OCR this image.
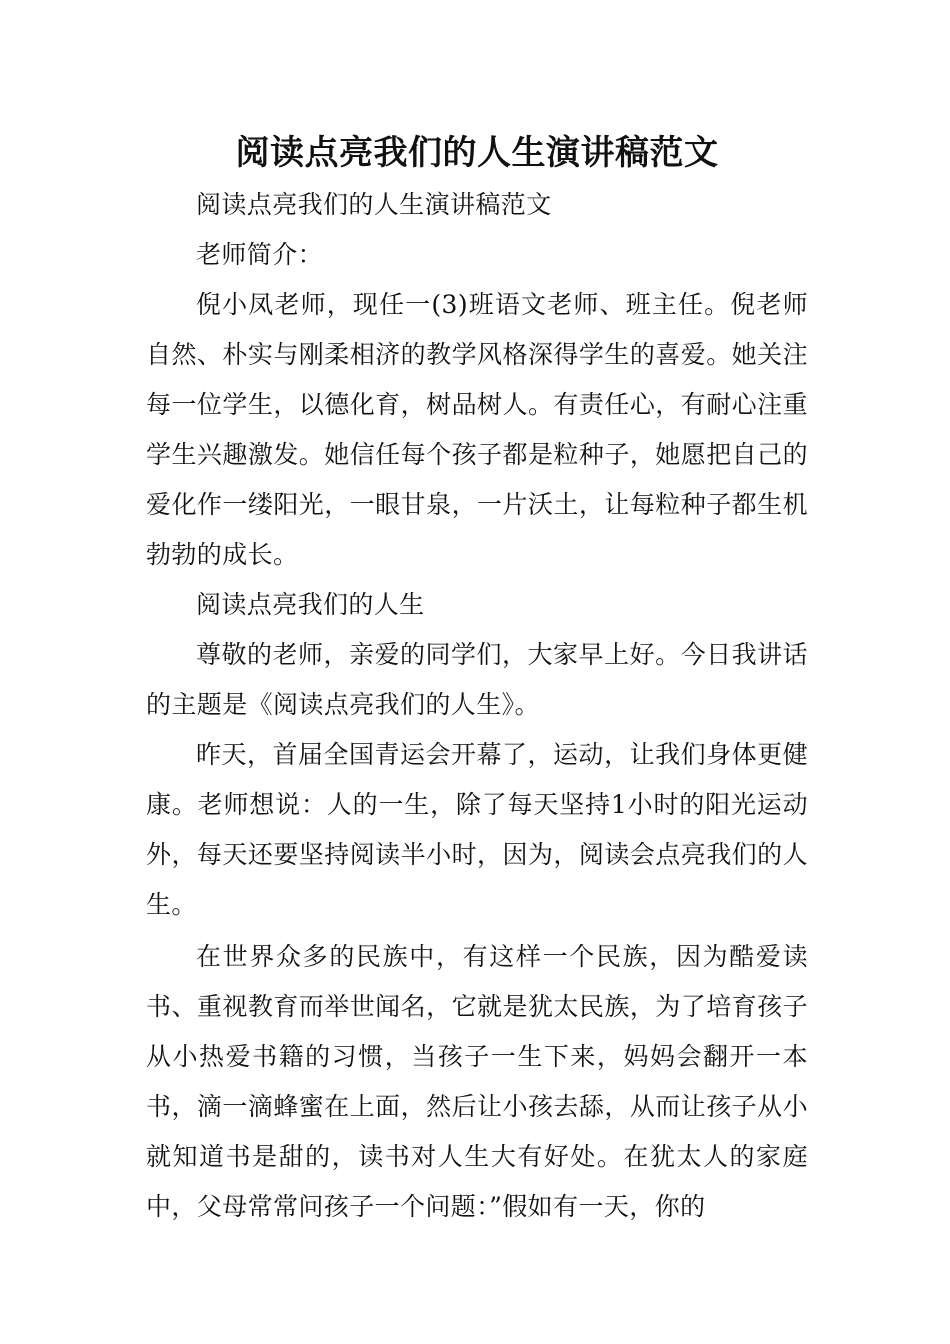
阅读点亮我们的人生演讲稿范文

阅读点亮我们的人生演讲稿范文

老师简介：

倪小凤老师，现任一(3)班语文老师、班主任。倪老师自然、朴实与刚柔相济的教学风格深得学生的喜爱。她关注每一位学生，以德化育，树品树人。有责任心，有耐心注重学生兴趣激发。她信任每个孩子都是粒种子，她愿把自己的爱化作一缕阳光，一眼甘泉，一片沃土，让每粒种子都生机勃勃的成长。

阅读点亮我们的人生

尊敬的老师，亲爱的同学们，大家早上好。今日我讲话的主题是《阅读点亮我们的人生》。

昨天，首届全国青运会开幕了，运动，让我们身体更健康。老师想说：人的一生，除了每天坚持1小时的阳光运动外，每天还要坚持阅读半小时，因为，阅读会点亮我们的人生。

在世界众多的民族中，有这样一个民族，因为酷爱读书、重视教育而举世闻名，它就是犹太民族，为了培育孩子从小热爱书籍的习惯，当孩子一生下来，妈妈会翻开一本书，滴一滴蜂蜜在上面，然后让小孩去舔，从而让孩子从小就知道书是甜的，读书对人生大有好处。在犹太人的家庭中，父母常常问孩子一个问题：”假如有一天，你的
